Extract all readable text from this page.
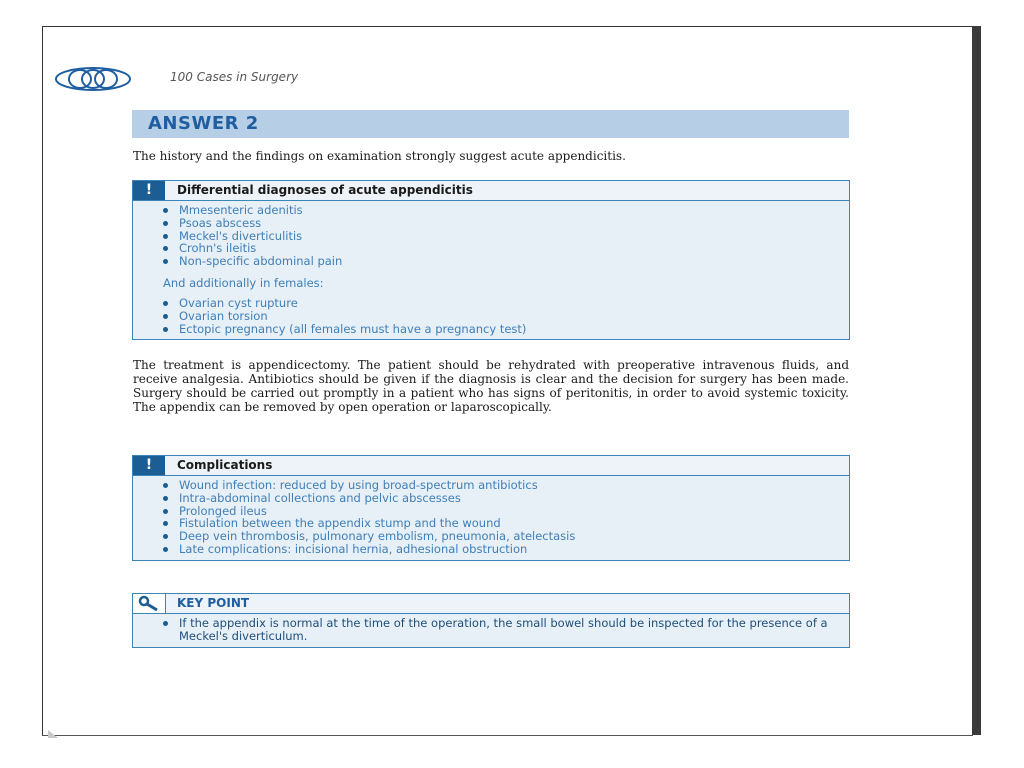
100 Cases in Surgery
ANSWER 2
The history and the findings on examination strongly suggest acute appendicitis.
!	Differential diagnoses of acute appendicitis
Mmesenteric adenitis
Psoas abscess
Meckel's diverticulitis
Crohn's ileitis
Non-specific abdominal pain
And additionally in females:
Ovarian cyst rupture
Ovarian torsion
Ectopic pregnancy (all females must have a pregnancy test)
The treatment is appendicectomy. The patient should be rehydrated with preoperative intravenous fluids, and receive analgesia. Antibiotics should be given if the diagnosis is clear and the decision for surgery has been made. Surgery should be carried out promptly in a patient who has signs of peritonitis, in order to avoid systemic toxicity. The appendix can be removed by open operation or laparoscopically.
!	Complications
Wound infection: reduced by using broad-spectrum antibiotics
Intra-abdominal collections and pelvic abscesses
Prolonged ileus
Fistulation between the appendix stump and the wound
Deep vein thrombosis, pulmonary embolism, pneumonia, atelectasis
Late complications: incisional hernia, adhesional obstruction
KEY POINT
If the appendix is normal at the time of the operation, the small bowel should be inspected for the presence of a Meckel's diverticulum.
